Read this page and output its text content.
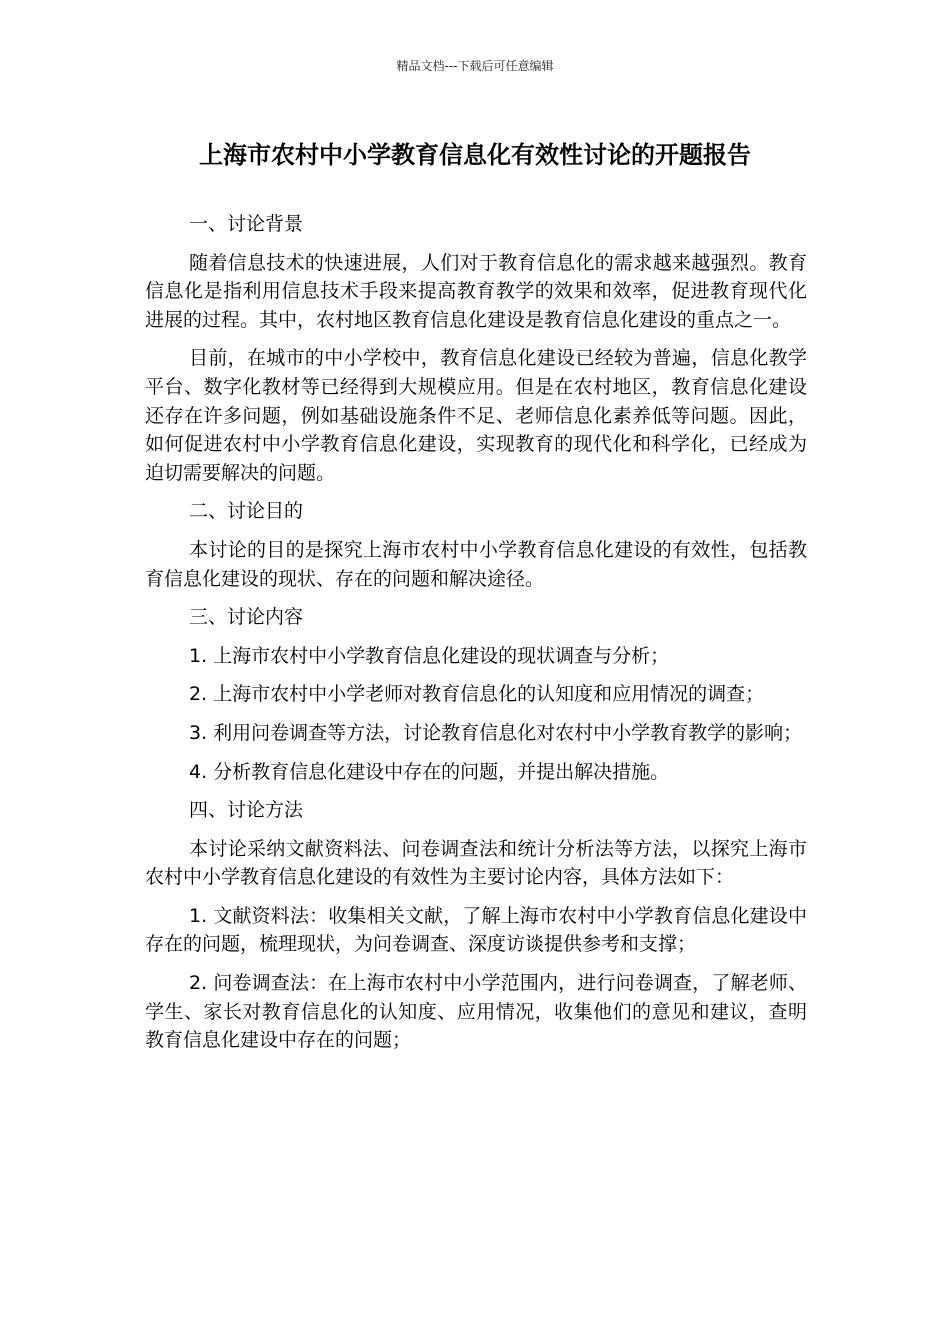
精品文档---下载后可任意编辑
上海市农村中小学教育信息化有效性讨论的开题报告

一、讨论背景

随着信息技术的快速进展，人们对于教育信息化的需求越来越强烈。教育信息化是指利用信息技术手段来提高教育教学的效果和效率，促进教育现代化进展的过程。其中，农村地区教育信息化建设是教育信息化建设的重点之一。

目前，在城市的中小学校中，教育信息化建设已经较为普遍，信息化教学平台、数字化教材等已经得到大规模应用。但是在农村地区，教育信息化建设还存在许多问题，例如基础设施条件不足、老师信息化素养低等问题。因此，如何促进农村中小学教育信息化建设，实现教育的现代化和科学化，已经成为迫切需要解决的问题。

二、讨论目的

本讨论的目的是探究上海市农村中小学教育信息化建设的有效性，包括教育信息化建设的现状、存在的问题和解决途径。

三、讨论内容

1. 上海市农村中小学教育信息化建设的现状调查与分析；

2. 上海市农村中小学老师对教育信息化的认知度和应用情况的调查；

3. 利用问卷调查等方法，讨论教育信息化对农村中小学教育教学的影响；

4. 分析教育信息化建设中存在的问题，并提出解决措施。

四、讨论方法

本讨论采纳文献资料法、问卷调查法和统计分析法等方法，以探究上海市农村中小学教育信息化建设的有效性为主要讨论内容，具体方法如下：

1. 文献资料法：收集相关文献，了解上海市农村中小学教育信息化建设中存在的问题，梳理现状，为问卷调查、深度访谈提供参考和支撑；

2. 问卷调查法：在上海市农村中小学范围内，进行问卷调查，了解老师、学生、家长对教育信息化的认知度、应用情况，收集他们的意见和建议，查明教育信息化建设中存在的问题；
